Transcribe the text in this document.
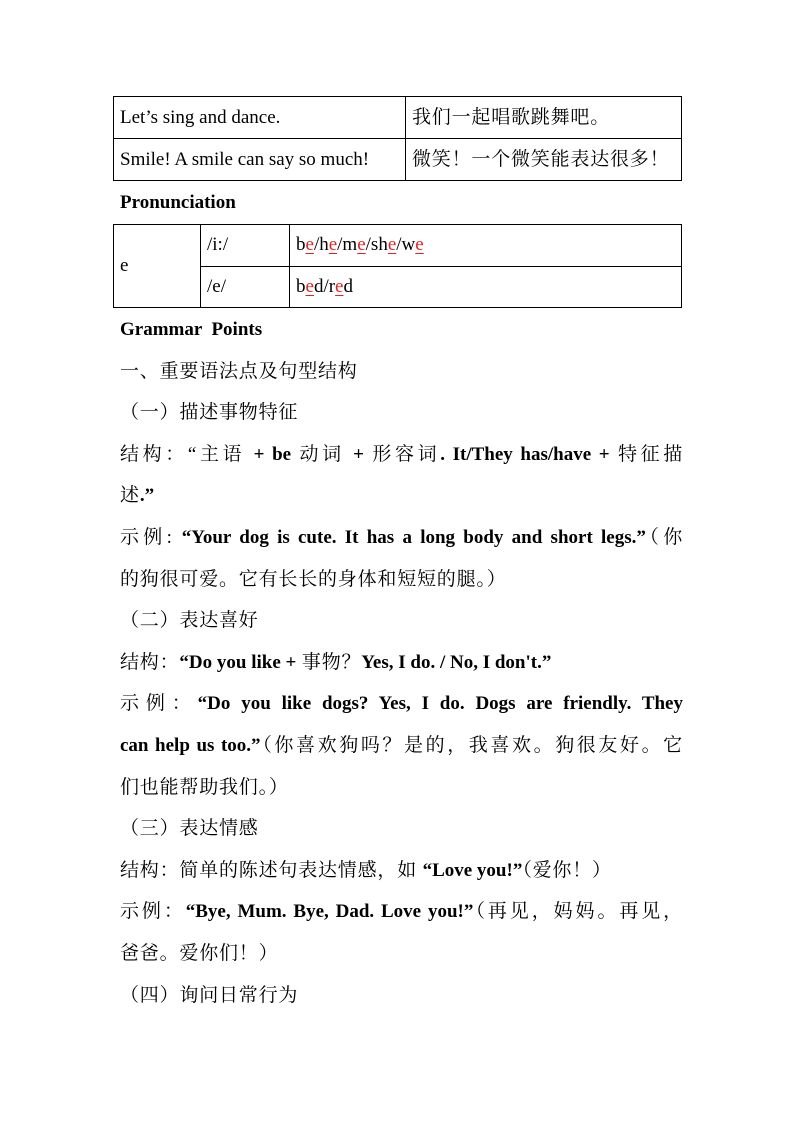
Let’s sing and dance.	我们一起唱歌跳舞吧。
Smile! A smile can say so much!	微笑！一个微笑能表达很多！
Pronunciation
e	/i:/	be/he/me/she/we
	/e/	bed/red
Grammar  Points
一、重要语法点及句型结构
（一）描述事物特征
结构：“主语 + be 动词 + 形容词. It/They has/have + 特征描
述.”
示例: “Your dog is cute. It has a long body and short legs.”（你
的狗很可爱。它有长长的身体和短短的腿。）
（二）表达喜好
结构：“Do you like + 事物？Yes, I do. / No, I don't.”
示例：“Do you like dogs? Yes, I do. Dogs are friendly. They
can help us too.”（你喜欢狗吗？是的，我喜欢。狗很友好。它
们也能帮助我们。）
（三）表达情感
结构：简单的陈述句表达情感，如 “Love you!”（爱你！）
示例：“Bye, Mum. Bye, Dad. Love you!”（再见，妈妈。再见，
爸爸。爱你们！）
（四）询问日常行为
